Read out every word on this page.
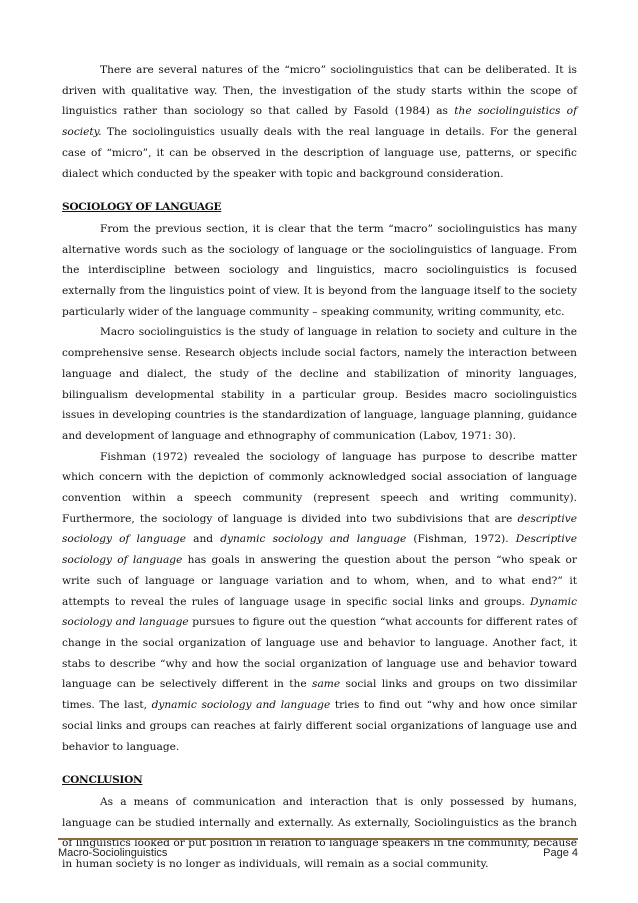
There are several natures of the “micro” sociolinguistics that can be deliberated. It is driven with qualitative way. Then, the investigation of the study starts within the scope of linguistics rather than sociology so that called by Fasold (1984) as the sociolinguistics of society. The sociolinguistics usually deals with the real language in details. For the general case of “micro”, it can be observed in the description of language use, patterns, or specific dialect which conducted by the speaker with topic and background consideration.

SOCIOLOGY OF LANGUAGE

From the previous section, it is clear that the term “macro” sociolinguistics has many alternative words such as the sociology of language or the sociolinguistics of language. From the interdiscipline between sociology and linguistics, macro sociolinguistics is focused externally from the linguistics point of view. It is beyond from the language itself to the society particularly wider of the language community – speaking community, writing community, etc.

Macro sociolinguistics is the study of language in relation to society and culture in the comprehensive sense. Research objects include social factors, namely the interaction between language and dialect, the study of the decline and stabilization of minority languages, bilingualism developmental stability in a particular group. Besides macro sociolinguistics issues in developing countries is the standardization of language, language planning, guidance and development of language and ethnography of communication (Labov, 1971: 30).

Fishman (1972) revealed the sociology of language has purpose to describe matter which concern with the depiction of commonly acknowledged social association of language convention within a speech community (represent speech and writing community). Furthermore, the sociology of language is divided into two subdivisions that are descriptive sociology of language and dynamic sociology and language (Fishman, 1972). Descriptive sociology of language has goals in answering the question about the person “who speak or write such of language or language variation and to whom, when, and to what end?” it attempts to reveal the rules of language usage in specific social links and groups. Dynamic sociology and language pursues to figure out the question “what accounts for different rates of change in the social organization of language use and behavior to language. Another fact, it stabs to describe “why and how the social organization of language use and behavior toward language can be selectively different in the same social links and groups on two dissimilar times. The last, dynamic sociology and language tries to find out “why and how once similar social links and groups can reaches at fairly different social organizations of language use and behavior to language.

CONCLUSION

As a means of communication and interaction that is only possessed by humans, language can be studied internally and externally. As externally, Sociolinguistics as the branch of linguistics looked or put position in relation to language speakers in the community, because in human society is no longer as individuals, will remain as a social community.

Macro-Sociolinguistics	Page 4
